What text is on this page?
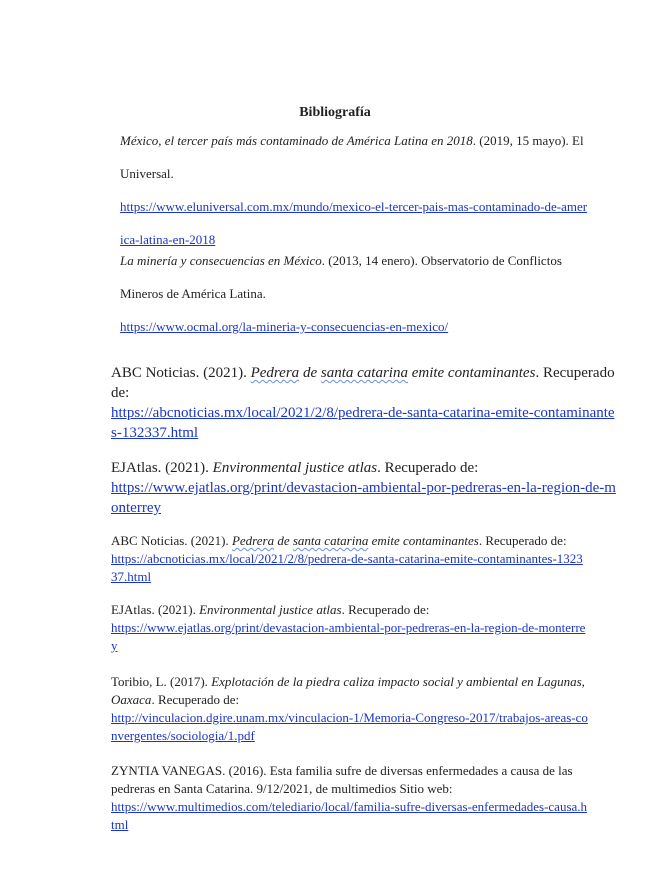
Bibliografía
México, el tercer país más contaminado de América Latina en 2018. (2019, 15 mayo). El
Universal.
https://www.eluniversal.com.mx/mundo/mexico-el-tercer-pais-mas-contaminado-de-amer
ica-latina-en-2018
La minería y consecuencias en México. (2013, 14 enero). Observatorio de Conflictos
Mineros de América Latina.
https://www.ocmal.org/la-mineria-y-consecuencias-en-mexico/
ABC Noticias. (2021). Pedrera de santa catarina emite contaminantes. Recuperado
de:
https://abcnoticias.mx/local/2021/2/8/pedrera-de-santa-catarina-emite-contaminante
s-132337.html
EJAtlas. (2021). Environmental justice atlas. Recuperado de:
https://www.ejatlas.org/print/devastacion-ambiental-por-pedreras-en-la-region-de-m
onterrey
ABC Noticias. (2021). Pedrera de santa catarina emite contaminantes. Recuperado de:
https://abcnoticias.mx/local/2021/2/8/pedrera-de-santa-catarina-emite-contaminantes-1323
37.html
EJAtlas. (2021). Environmental justice atlas. Recuperado de:
https://www.ejatlas.org/print/devastacion-ambiental-por-pedreras-en-la-region-de-monterre
y
Toribio, L. (2017). Explotación de la piedra caliza impacto social y ambiental en Lagunas,
Oaxaca. Recuperado de:
http://vinculacion.dgire.unam.mx/vinculacion-1/Memoria-Congreso-2017/trabajos-areas-co
nvergentes/sociologia/1.pdf
ZYNTIA VANEGAS. (2016). Esta familia sufre de diversas enfermedades a causa de las
pedreras en Santa Catarina. 9/12/2021, de multimedios Sitio web:
https://www.multimedios.com/telediario/local/familia-sufre-diversas-enfermedades-causa.h
tml
